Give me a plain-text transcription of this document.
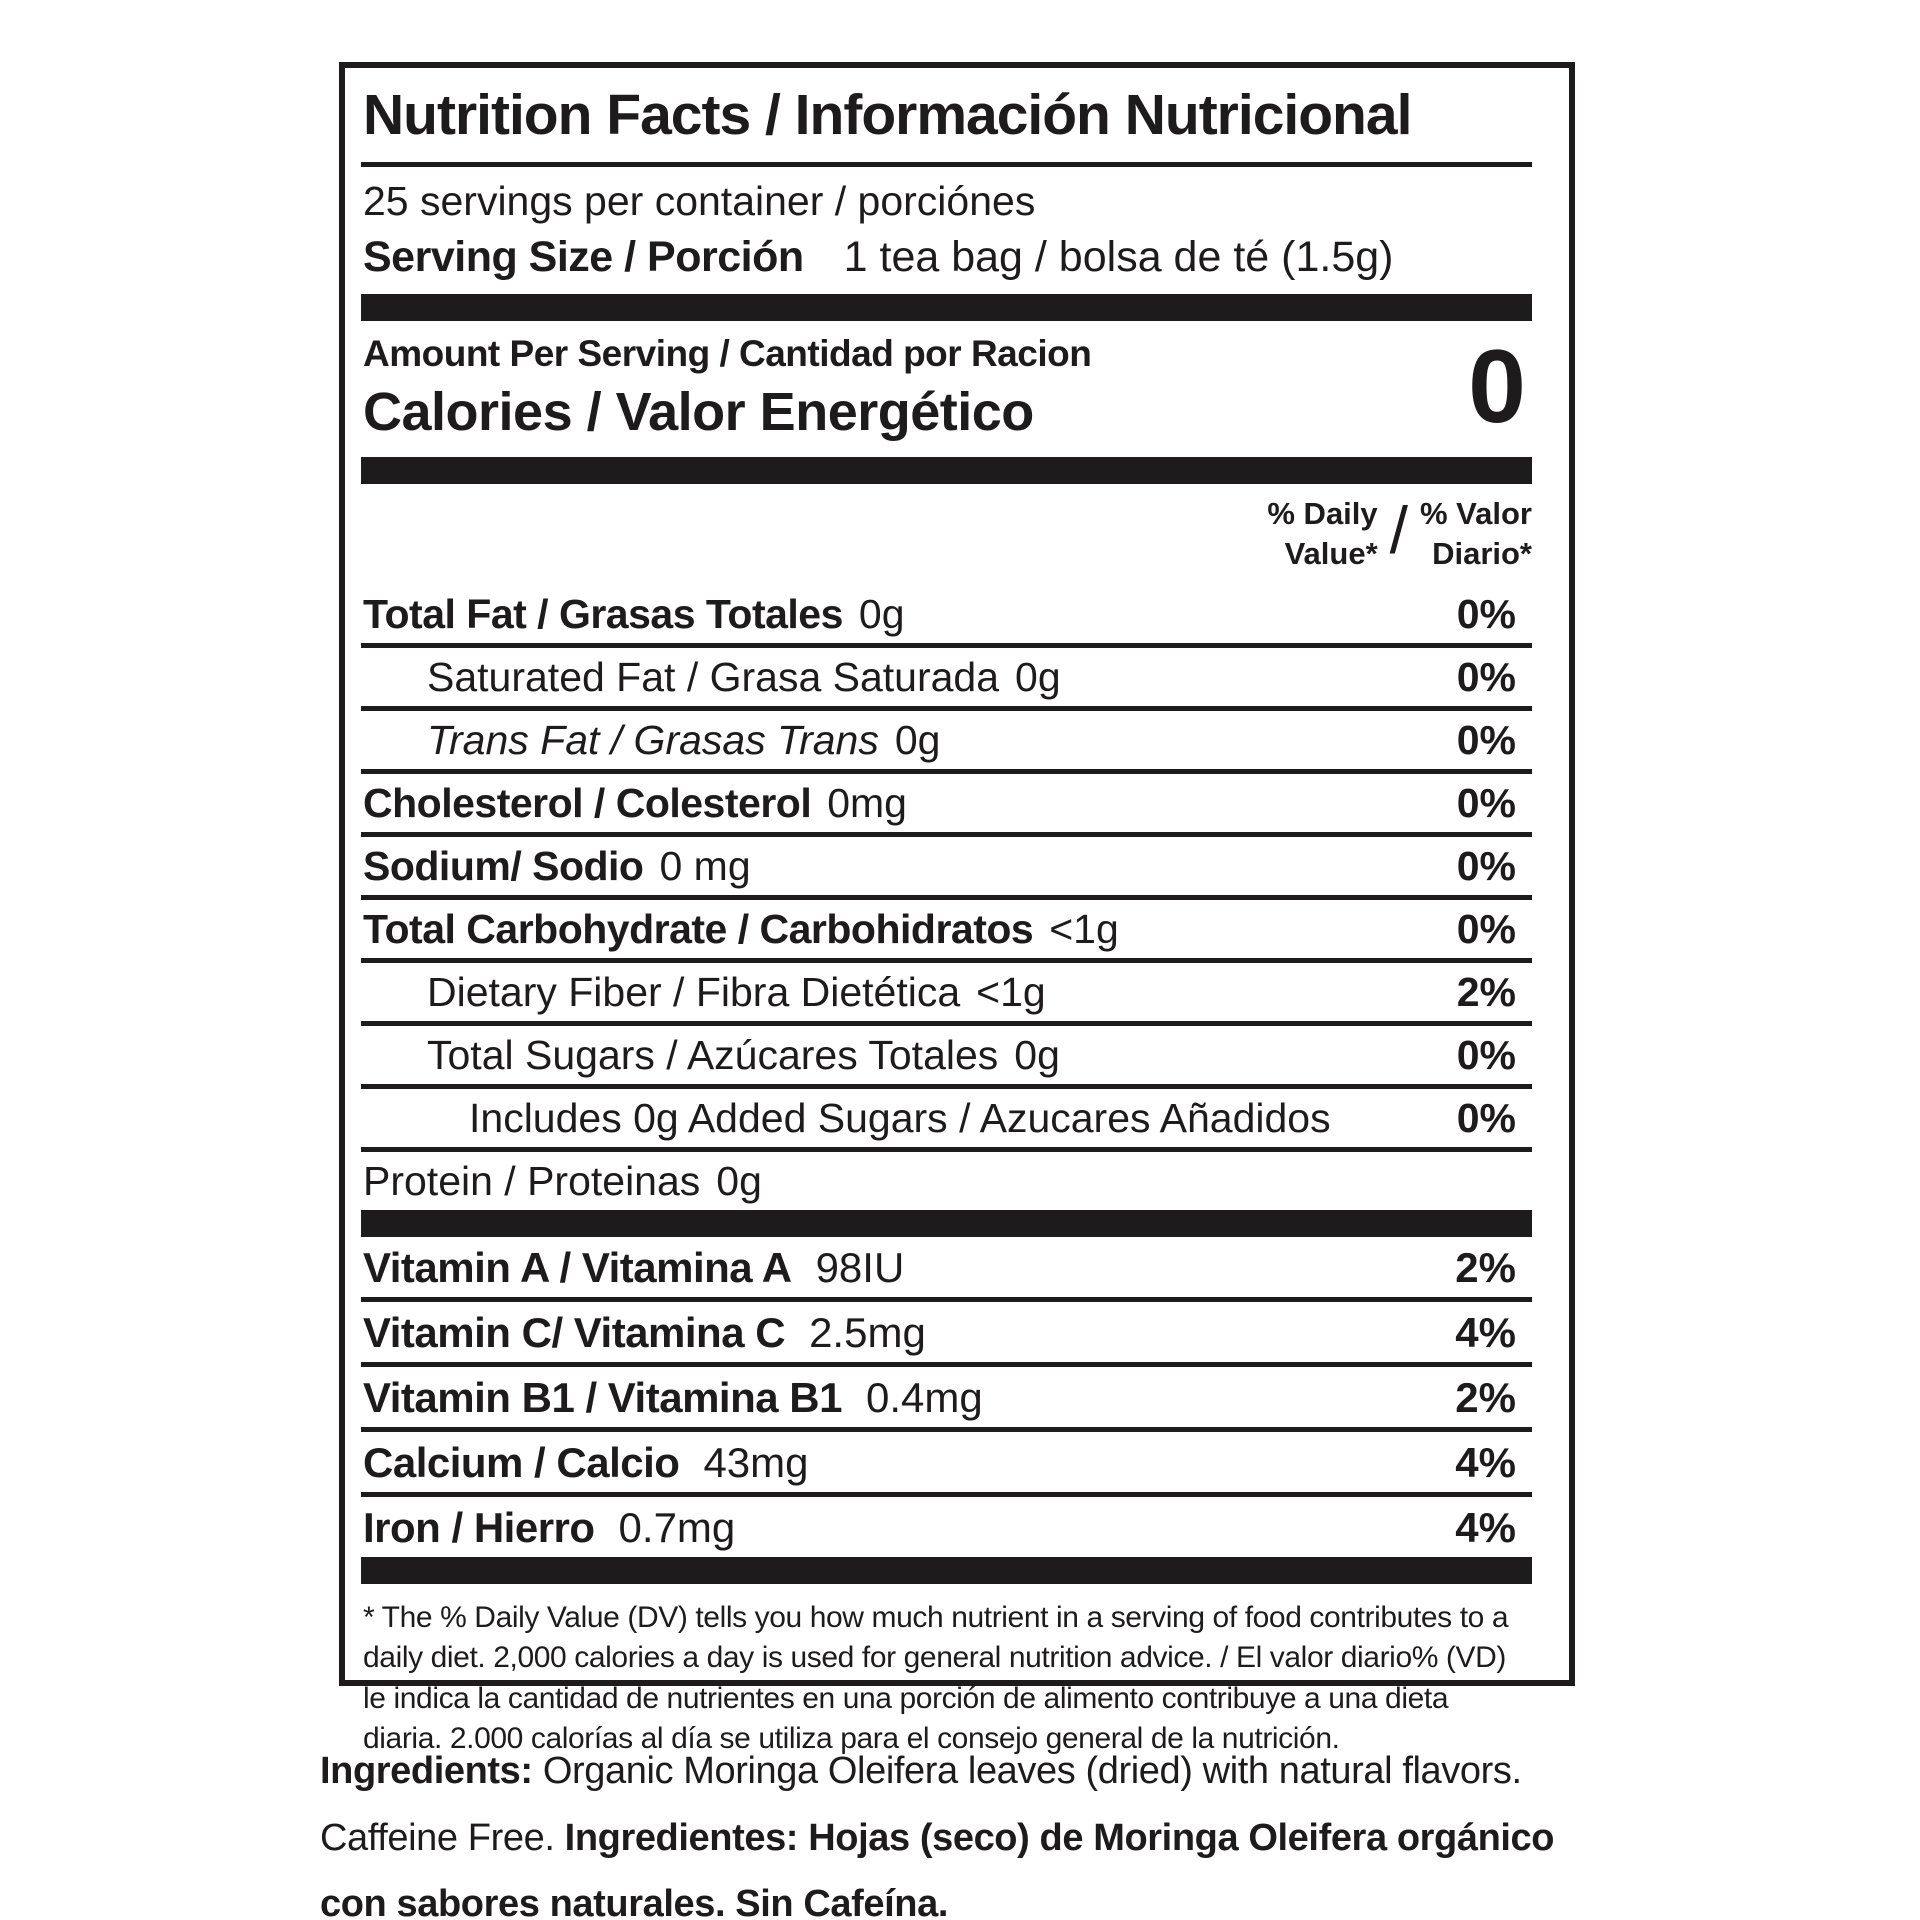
Nutrition Facts / Información Nutricional
25 servings per container / porciónes
Serving Size / Porción 1 tea bag / bolsa de té (1.5g)
Amount Per Serving / Cantidad por Racion
Calories / Valor Energético	0
% Daily
Value* / % Valor
Diario*
Total Fat / Grasas Totales 0g	0%
Saturated Fat / Grasa Saturada 0g	0%
Trans Fat / Grasas Trans 0g	0%
Cholesterol / Colesterol 0mg	0%
Sodium/ Sodio 0 mg	0%
Total Carbohydrate / Carbohidratos <1g	0%
Dietary Fiber / Fibra Dietética <1g	2%
Total Sugars / Azúcares Totales 0g	0%
Includes 0g Added Sugars / Azucares Añadidos	0%
Protein / Proteinas 0g
Vitamin A / Vitamina A 98IU	2%
Vitamin C/ Vitamina C 2.5mg	4%
Vitamin B1 / Vitamina B1 0.4mg	2%
Calcium / Calcio 43mg	4%
Iron / Hierro 0.7mg	4%
* The % Daily Value (DV) tells you how much nutrient in a serving of food contributes to a
daily diet. 2,000 calories a day is used for general nutrition advice. / El valor diario% (VD)
le indica la cantidad de nutrientes en una porción de alimento contribuye a una dieta
diaria. 2.000 calorías al día se utiliza para el consejo general de la nutrición.
Ingredients: Organic Moringa Oleifera leaves (dried) with natural flavors.
Caffeine Free. Ingredientes: Hojas (seco) de Moringa Oleifera orgánico
con sabores naturales. Sin Cafeína.
